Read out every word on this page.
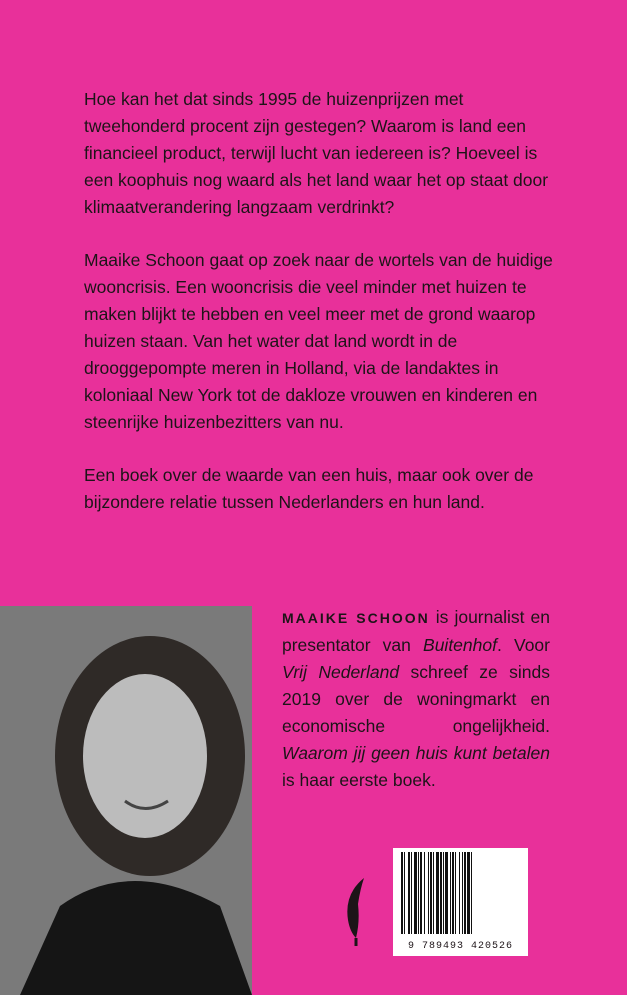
Hoe kan het dat sinds 1995 de huizenprijzen met tweehonderd procent zijn gestegen? Waarom is land een financieel product, terwijl lucht van iedereen is? Hoeveel is een koophuis nog waard als het land waar het op staat door klimaatverandering langzaam verdrinkt?

Maaike Schoon gaat op zoek naar de wortels van de huidige wooncrisis. Een wooncrisis die veel minder met huizen te maken blijkt te hebben en veel meer met de grond waarop huizen staan. Van het water dat land wordt in de drooggepompte meren in Holland, via de landaktes in koloniaal New York tot de dakloze vrouwen en kinderen en steenrijke huizenbezitters van nu.

Een boek over de waarde van een huis, maar ook over de bijzondere relatie tussen Nederlanders en hun land.

MAAIKE SCHOON is journalist en presentator van Buitenhof. Voor Vrij Nederland schreef ze sinds 2019 over de woningmarkt en economische ongelijkheid. Waarom jij geen huis kunt betalen is haar eerste boek.
9 789493 420526
